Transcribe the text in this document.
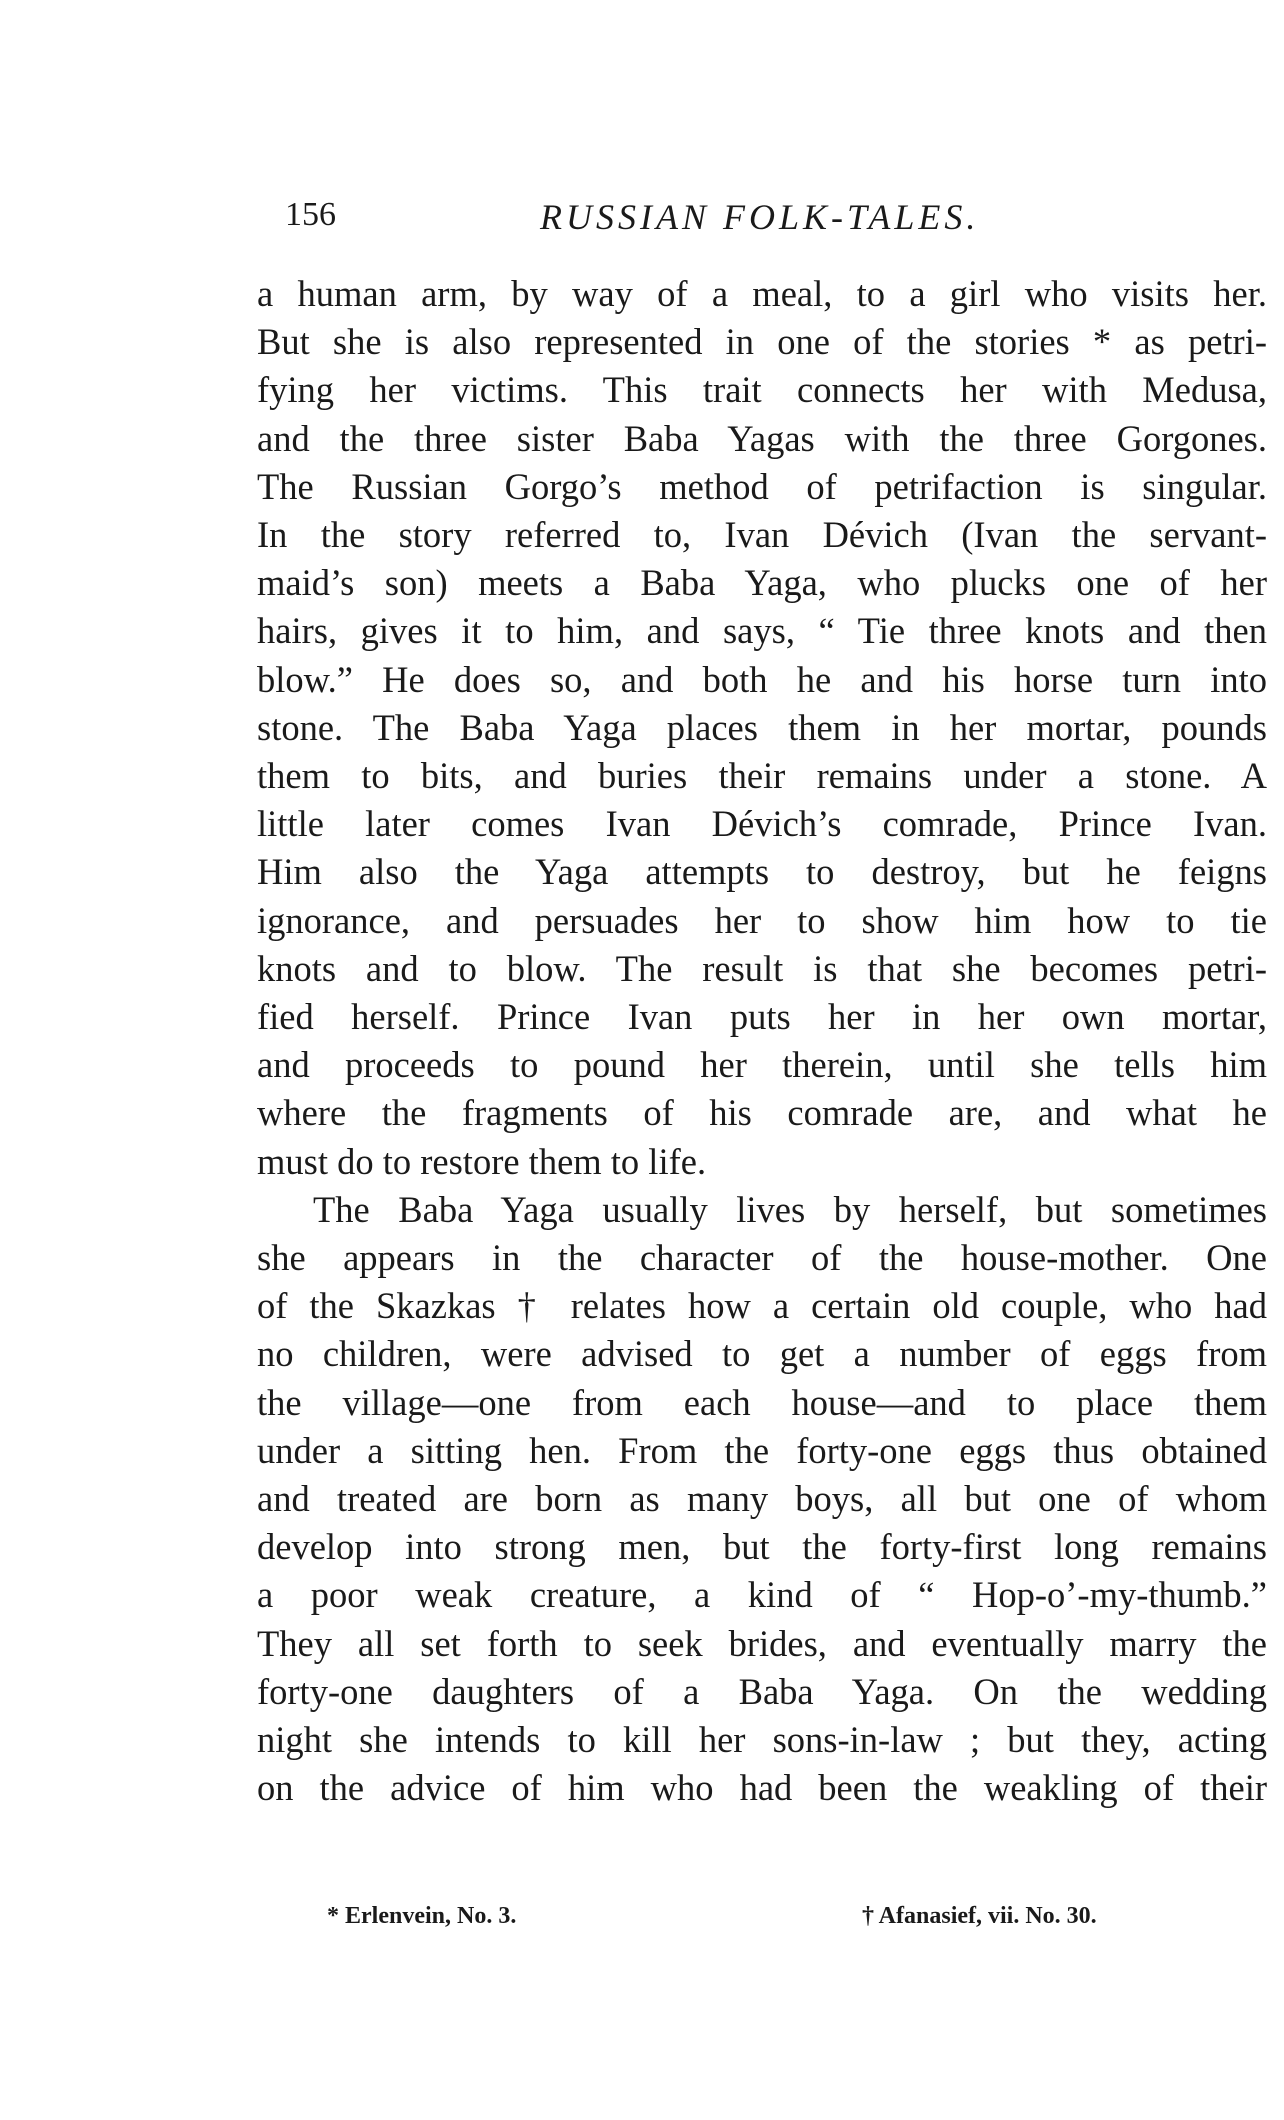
156	RUSSIAN FOLK-TALES.
a human arm, by way of a meal, to a girl who visits her.
But she is also represented in one of the stories * as petri-
fying her victims. This trait connects her with Medusa,
and the three sister Baba Yagas with the three Gorgones.
The Russian Gorgo’s method of petrifaction is singular.
In the story referred to, Ivan Dévich (Ivan the servant-
maid’s son) meets a Baba Yaga, who plucks one of her
hairs, gives it to him, and says, “ Tie three knots and then
blow.” He does so, and both he and his horse turn into
stone. The Baba Yaga places them in her mortar, pounds
them to bits, and buries their remains under a stone. A
little later comes Ivan Dévich’s comrade, Prince Ivan.
Him also the Yaga attempts to destroy, but he feigns
ignorance, and persuades her to show him how to tie
knots and to blow. The result is that she becomes petri-
fied herself. Prince Ivan puts her in her own mortar,
and proceeds to pound her therein, until she tells him
where the fragments of his comrade are, and what he
must do to restore them to life.
The Baba Yaga usually lives by herself, but sometimes
she appears in the character of the house-mother. One
of the Skazkas † relates how a certain old couple, who had
no children, were advised to get a number of eggs from
the village—one from each house—and to place them
under a sitting hen. From the forty-one eggs thus obtained
and treated are born as many boys, all but one of whom
develop into strong men, but the forty-first long remains
a poor weak creature, a kind of “ Hop-o’-my-thumb.”
They all set forth to seek brides, and eventually marry the
forty-one daughters of a Baba Yaga. On the wedding
night she intends to kill her sons-in-law ; but they, acting
on the advice of him who had been the weakling of their
* Erlenvein, No. 3.	† Afanasief, vii. No. 30.
